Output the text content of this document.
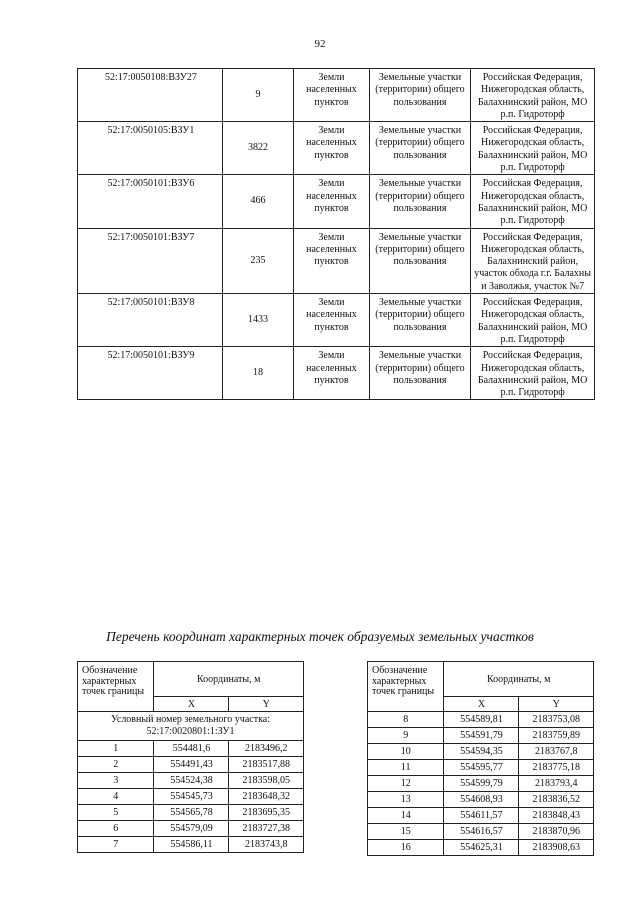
92
52:17:0050108:ВЗУ27	9	Земли населенных пунктов	Земельные участки (территории) общего пользования	Российская Федерация, Нижегородская область, Балахнинский район, МО р.п. Гидроторф
52:17:0050105:ВЗУ1	3822	Земли населенных пунктов	Земельные участки (территории) общего пользования	Российская Федерация, Нижегородская область, Балахнинский район, МО р.п. Гидроторф
52:17:0050101:ВЗУ6	466	Земли населенных пунктов	Земельные участки (территории) общего пользования	Российская Федерация, Нижегородская область, Балахнинский район, МО р.п. Гидроторф
52:17:0050101:ВЗУ7	235	Земли населенных пунктов	Земельные участки (территории) общего пользования	Российская Федерация, Нижегородская область, Балахнинский район, участок обхода г.г. Балахны и Заволжья, участок №7
52:17:0050101:ВЗУ8	1433	Земли населенных пунктов	Земельные участки (территории) общего пользования	Российская Федерация, Нижегородская область, Балахнинский район, МО р.п. Гидроторф
52:17:0050101:ВЗУ9	18	Земли населенных пунктов	Земельные участки (территории) общего пользования	Российская Федерация, Нижегородская область, Балахнинский район, МО р.п. Гидроторф
Перечень координат характерных точек образуемых земельных участков
Обозначение характерных точек границы	Координаты, м	
	X	Y
Условный номер земельного участка: 52:17:0020801:1:ЗУ1		
1	554481,6	2183496,2
2	554491,43	2183517,88
3	554524,38	2183598,05
4	554545,73	2183648,32
5	554565,78	2183695,35
6	554579,09	2183727,38
7	554586,11	2183743,8
Обозначение характерных точек границы	Координаты, м	
	X	Y
8	554589,81	2183753,08
9	554591,79	2183759,89
10	554594,35	2183767,8
11	554595,77	2183775,18
12	554599,79	2183793,4
13	554608,93	2183836,52
14	554611,57	2183848,43
15	554616,57	2183870,96
16	554625,31	2183908,63
